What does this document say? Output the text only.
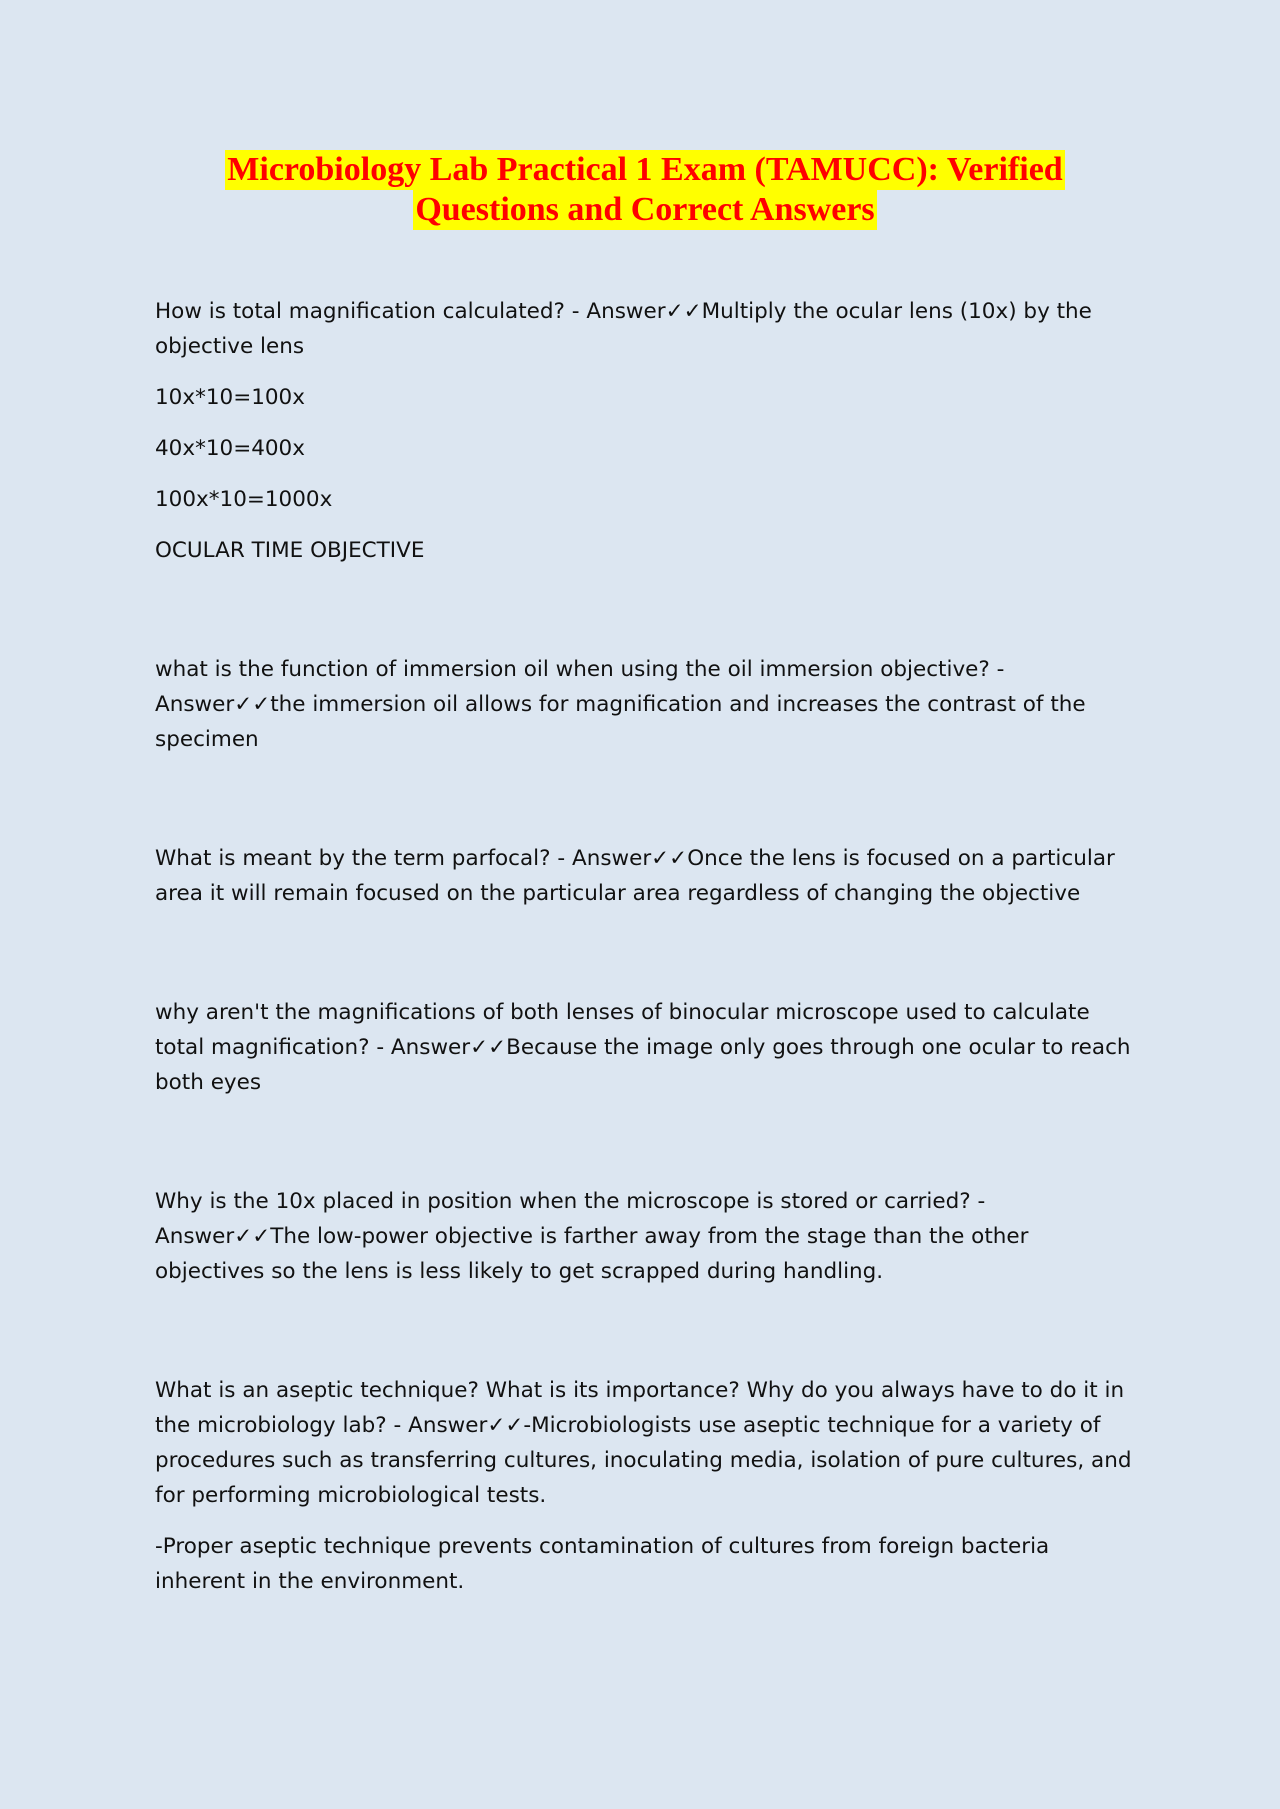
Microbiology Lab Practical 1 Exam (TAMUCC): Verified
Questions and Correct Answers

How is total magnification calculated? - Answer✓✓Multiply the ocular lens (10x) by the objective lens

10x*10=100x

40x*10=400x

100x*10=1000x

OCULAR TIME OBJECTIVE

what is the function of immersion oil when using the oil immersion objective? - Answer✓✓the immersion oil allows for magnification and increases the contrast of the specimen

What is meant by the term parfocal? - Answer✓✓Once the lens is focused on a particular area it will remain focused on the particular area regardless of changing the objective

why aren't the magnifications of both lenses of binocular microscope used to calculate total magnification? - Answer✓✓Because the image only goes through one ocular to reach both eyes

Why is the 10x placed in position when the microscope is stored or carried? - Answer✓✓The low-power objective is farther away from the stage than the other objectives so the lens is less likely to get scrapped during handling.

What is an aseptic technique? What is its importance? Why do you always have to do it in the microbiology lab? - Answer✓✓-Microbiologists use aseptic technique for a variety of procedures such as transferring cultures, inoculating media, isolation of pure cultures, and for performing microbiological tests.

-Proper aseptic technique prevents contamination of cultures from foreign bacteria inherent in the environment.
